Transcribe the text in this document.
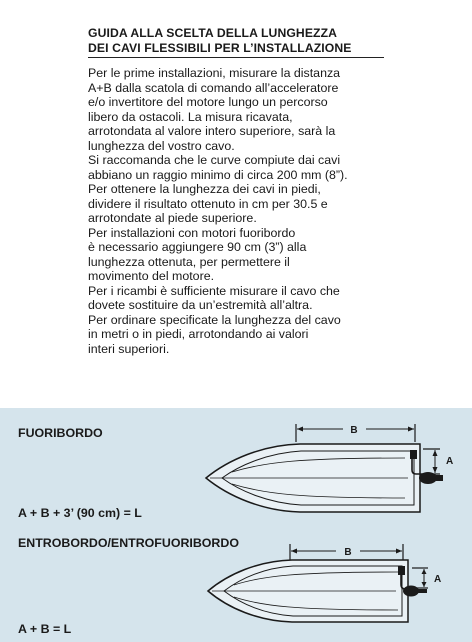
GUIDA ALLA SCELTA DELLA LUNGHEZZA
DEI CAVI FLESSIBILI PER L’INSTALLAZIONE
Per le prime installazioni, misurare la distanza
A+B dalla scatola di comando all’acceleratore
e/o invertitore del motore lungo un percorso
libero da ostacoli. La misura ricavata,
arrotondata al valore intero superiore, sarà la
lunghezza del vostro cavo.
Si raccomanda che le curve compiute dai cavi
abbiano un raggio minimo di circa 200 mm (8”).
Per ottenere la lunghezza dei cavi in piedi,
dividere il risultato ottenuto in cm per 30.5 e
arrotondate al piede superiore.
Per installazioni con motori fuoribordo
è necessario aggiungere 90 cm (3”) alla
lunghezza ottenuta, per permettere il
movimento del motore.
Per i ricambi è sufficiente misurare il cavo che
dovete sostituire da un’estremità all’altra.
Per ordinare specificate la lunghezza del cavo
in metri o in piedi, arrotondando ai valori
interi superiori.
FUORIBORDO
A + B + 3’ (90 cm) = L
B
A
ENTROBORDO/ENTROFUORIBORDO
A + B = L
B
A
